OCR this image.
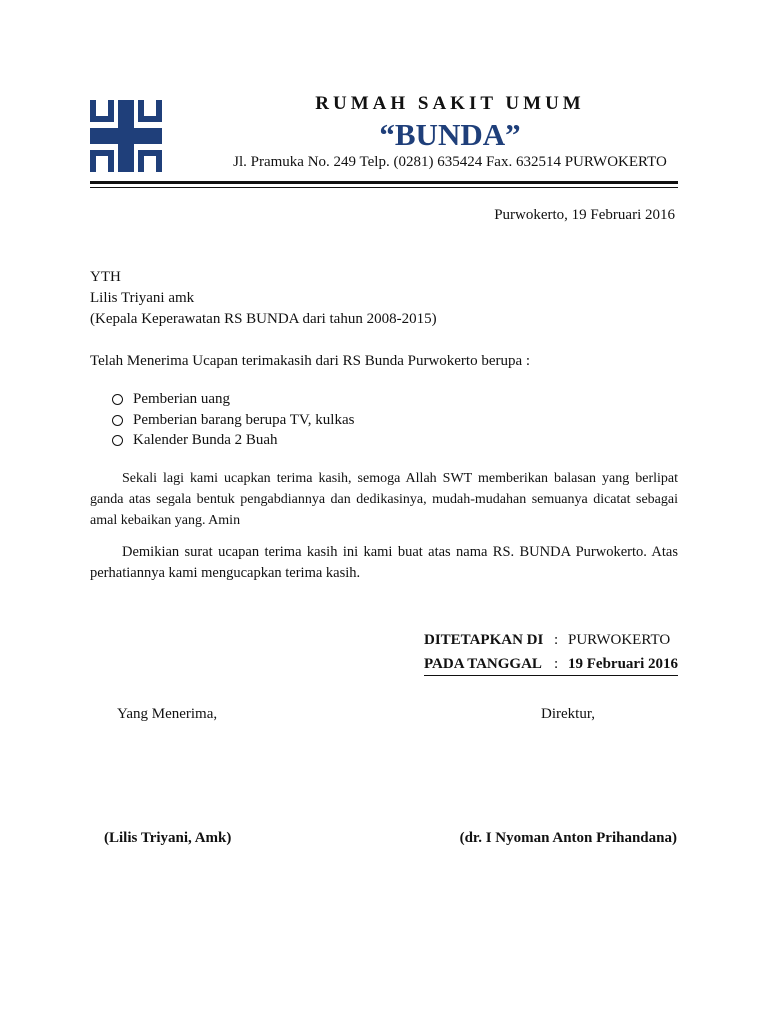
RUMAH SAKIT UMUM
“BUNDA”
Jl. Pramuka No. 249 Telp. (0281) 635424 Fax. 632514 PURWOKERTO
Purwokerto, 19 Februari 2016
YTH
Lilis Triyani amk
(Kepala Keperawatan RS BUNDA dari tahun 2008-2015)
Telah Menerima Ucapan terimakasih dari RS Bunda Purwokerto berupa :
Pemberian uang
Pemberian barang berupa TV, kulkas
Kalender Bunda 2 Buah
Sekali lagi kami ucapkan terima kasih, semoga Allah SWT memberikan balasan yang berlipat ganda atas segala bentuk pengabdiannya dan dedikasinya, mudah-mudahan semuanya dicatat sebagai amal kebaikan yang. Amin
Demikian surat ucapan terima kasih ini kami buat atas nama RS. BUNDA Purwokerto. Atas perhatiannya kami mengucapkan terima kasih.
DITETAPKAN DI : PURWOKERTO
PADA TANGGAL : 19 Februari 2016
Yang Menerima,	Direktur,
(Lilis Triyani, Amk)	(dr. I Nyoman Anton Prihandana)
